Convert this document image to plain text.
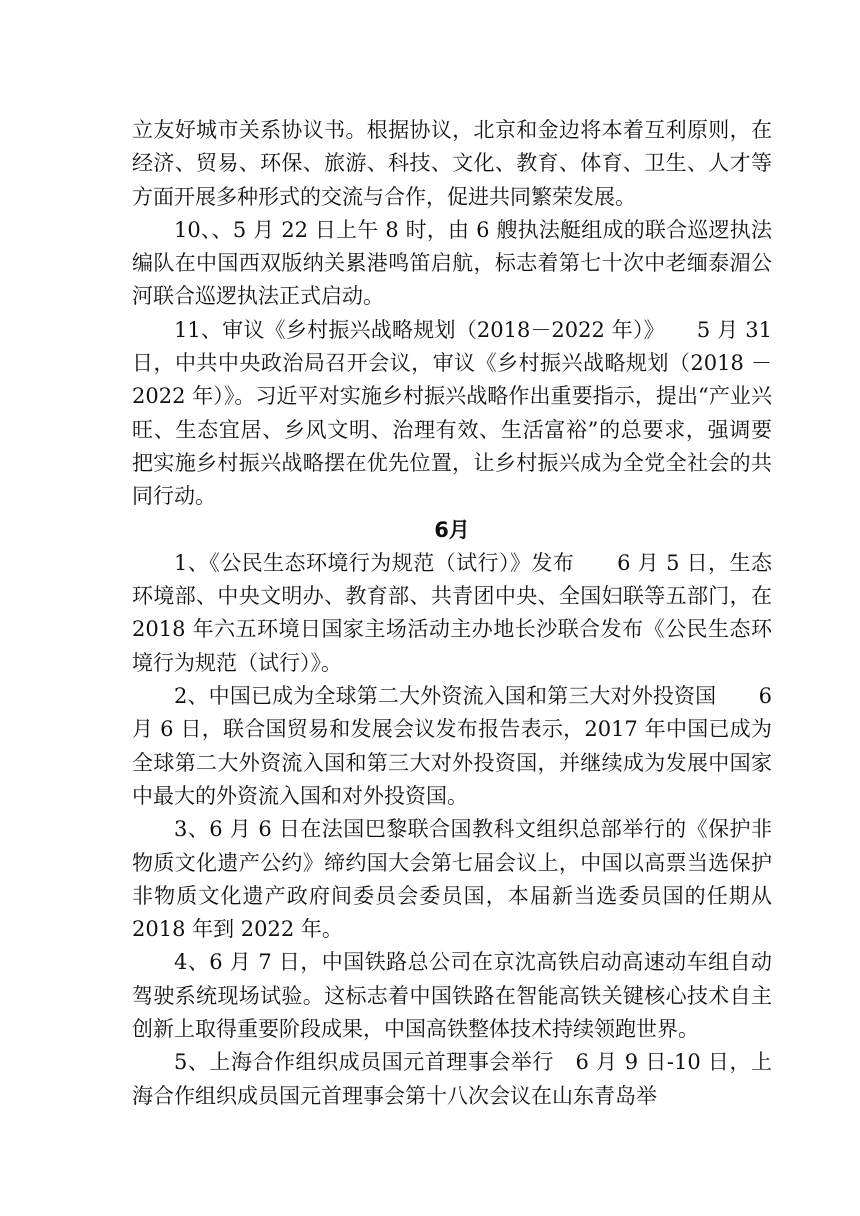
立友好城市关系协议书。根据协议，北京和金边将本着互利原则，在经济、贸易、环保、旅游、科技、文化、教育、体育、卫生、人才等方面开展多种形式的交流与合作，促进共同繁荣发展。

10、、5 月 22 日上午 8 时，由 6 艘执法艇组成的联合巡逻执法编队在中国西双版纳关累港鸣笛启航，标志着第七十次中老缅泰湄公河联合巡逻执法正式启动。

11、审议《乡村振兴战略规划（2018－2022 年）》　　5 月 31 日，中共中央政治局召开会议，审议《乡村振兴战略规划（2018 － 2022 年）》。习近平对实施乡村振兴战略作出重要指示，提出“产业兴旺、生态宜居、乡风文明、治理有效、生活富裕”的总要求，强调要把实施乡村振兴战略摆在优先位置，让乡村振兴成为全党全社会的共同行动。

6月

1、《公民生态环境行为规范（试行）》发布　　6 月 5 日，生态环境部、中央文明办、教育部、共青团中央、全国妇联等五部门，在 2018 年六五环境日国家主场活动主办地长沙联合发布《公民生态环境行为规范（试行）》。

2、中国已成为全球第二大外资流入国和第三大对外投资国　　6 月 6 日，联合国贸易和发展会议发布报告表示，2017 年中国已成为全球第二大外资流入国和第三大对外投资国，并继续成为发展中国家中最大的外资流入国和对外投资国。

3、6 月 6 日在法国巴黎联合国教科文组织总部举行的《保护非物质文化遗产公约》缔约国大会第七届会议上，中国以高票当选保护非物质文化遗产政府间委员会委员国，本届新当选委员国的任期从 2018 年到 2022 年。

4、6 月 7 日，中国铁路总公司在京沈高铁启动高速动车组自动驾驶系统现场试验。这标志着中国铁路在智能高铁关键核心技术自主创新上取得重要阶段成果，中国高铁整体技术持续领跑世界。

5、上海合作组织成员国元首理事会举行　6 月 9 日-10 日，上海合作组织成员国元首理事会第十八次会议在山东青岛举
